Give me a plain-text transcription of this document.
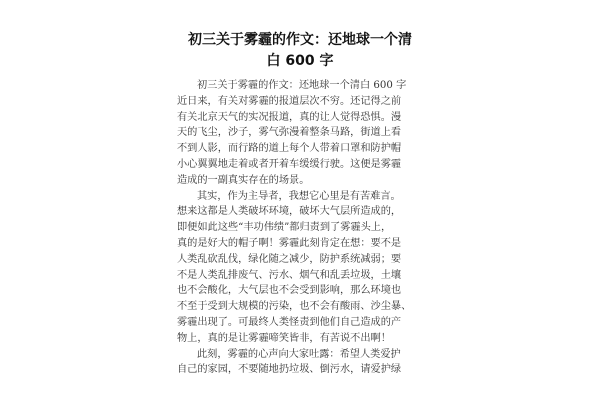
初三关于雾霾的作文：还地球一个清
白 600 字
初三关于雾霾的作文：还地球一个清白 600 字
近日来，有关对雾霾的报道层次不穷。还记得之前
有关北京天气的实况报道，真的让人觉得恐惧。漫
天的飞尘，沙子，雾气弥漫着整条马路，街道上看
不到人影，而行路的道上每个人带着口罩和防护帽
小心翼翼地走着或者开着车缓缓行驶。这便是雾霾
造成的一副真实存在的场景。
其实，作为主导者，我想它心里是有苦难言。
想来这都是人类破坏环境，破坏大气层所造成的，
即便如此这些“丰功伟绩”都归责到了雾霾头上，
真的是好大的帽子啊！雾霾此刻肯定在想：要不是
人类乱砍乱伐，绿化随之减少，防护系统减弱；要
不是人类乱排废气、污水、烟气和乱丢垃圾，土壤
也不会酸化，大气层也不会受到影响，那么环境也
不至于受到大规模的污染，也不会有酸雨、沙尘暴、
雾霾出现了。可最终人类怪责到他们自己造成的产
物上，真的是让雾霾啼笑皆非，有苦说不出啊！
此刻，雾霾的心声向大家吐露：希望人类爱护
自己的家园，不要随地扔垃圾、倒污水，请爱护绿
